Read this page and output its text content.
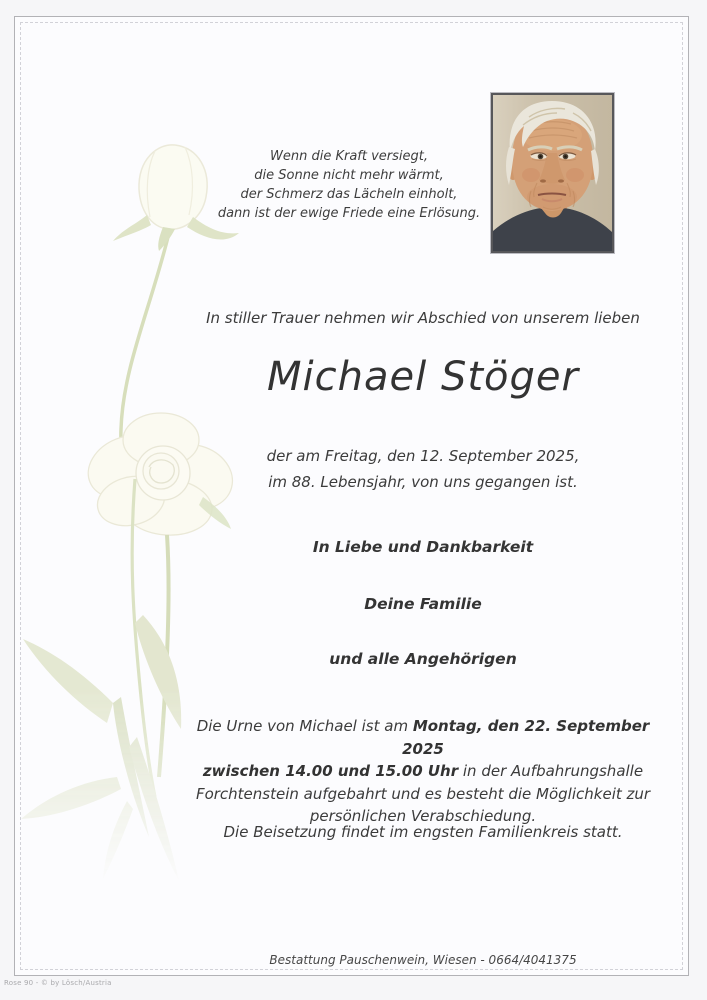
Wenn die Kraft versiegt,
die Sonne nicht mehr wärmt,
der Schmerz das Lächeln einholt,
dann ist der ewige Friede eine Erlösung.
In stiller Trauer nehmen wir Abschied von unserem lieben
Michael Stöger
der am Freitag, den 12. September 2025,
im 88. Lebensjahr, von uns gegangen ist.
In Liebe und Dankbarkeit
Deine Familie
und alle Angehörigen
Die Urne von Michael ist am Montag, den 22. September 2025
zwischen 14.00 und 15.00 Uhr in der Aufbahrungshalle
Forchtenstein aufgebahrt und es besteht die Möglichkeit zur
persönlichen Verabschiedung.
Die Beisetzung findet im engsten Familienkreis statt.
Bestattung Pauschenwein, Wiesen - 0664/4041375
Rose 90 - © by Lösch/Austria
